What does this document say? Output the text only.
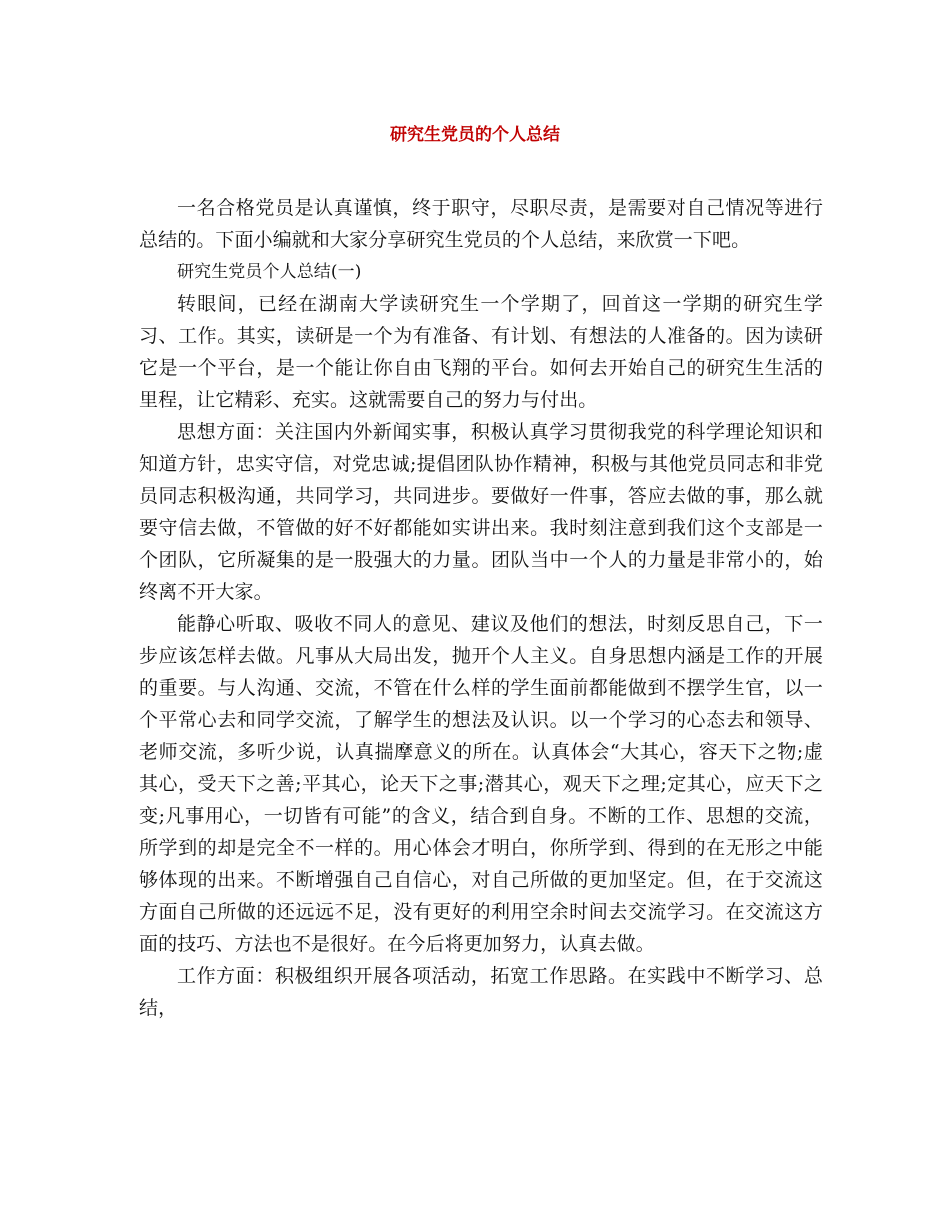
研究生党员的个人总结

一名合格党员是认真谨慎，终于职守，尽职尽责，是需要对自己情况等进行总结的。下面小编就和大家分享研究生党员的个人总结，来欣赏一下吧。

研究生党员个人总结(一)

转眼间，已经在湖南大学读研究生一个学期了，回首这一学期的研究生学习、工作。其实，读研是一个为有准备、有计划、有想法的人准备的。因为读研它是一个平台，是一个能让你自由飞翔的平台。如何去开始自己的研究生生活的里程，让它精彩、充实。这就需要自己的努力与付出。

思想方面：关注国内外新闻实事，积极认真学习贯彻我党的科学理论知识和知道方针，忠实守信，对党忠诚;提倡团队协作精神，积极与其他党员同志和非党员同志积极沟通，共同学习，共同进步。要做好一件事，答应去做的事，那么就要守信去做，不管做的好不好都能如实讲出来。我时刻注意到我们这个支部是一个团队，它所凝集的是一股强大的力量。团队当中一个人的力量是非常小的，始终离不开大家。

能静心听取、吸收不同人的意见、建议及他们的想法，时刻反思自己，下一步应该怎样去做。凡事从大局出发，抛开个人主义。自身思想内涵是工作的开展的重要。与人沟通、交流，不管在什么样的学生面前都能做到不摆学生官，以一个平常心去和同学交流，了解学生的想法及认识。以一个学习的心态去和领导、老师交流，多听少说，认真揣摩意义的所在。认真体会“大其心，容天下之物;虚其心，受天下之善;平其心，论天下之事;潜其心，观天下之理;定其心，应天下之变;凡事用心，一切皆有可能”的含义，结合到自身。不断的工作、思想的交流，所学到的却是完全不一样的。用心体会才明白，你所学到、得到的在无形之中能够体现的出来。不断增强自己自信心，对自己所做的更加坚定。但，在于交流这方面自己所做的还远远不足，没有更好的利用空余时间去交流学习。在交流这方面的技巧、方法也不是很好。在今后将更加努力，认真去做。

工作方面：积极组织开展各项活动，拓宽工作思路。在实践中不断学习、总结，
